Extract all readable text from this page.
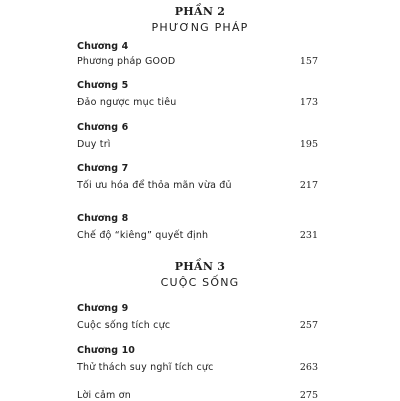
PHẦN 2
PHƯƠNG PHÁP
Chương 4
Phương pháp GOOD	157
Chương 5
Đảo ngược mục tiêu	173
Chương 6
Duy trì	195
Chương 7
Tối ưu hóa để thỏa mãn vừa đủ	217
Chương 8
Chế độ “kiêng” quyết định	231
PHẦN 3
CUỘC SỐNG
Chương 9
Cuộc sống tích cực	257
Chương 10
Thử thách suy nghĩ tích cực	263
Lời cảm ơn	275
